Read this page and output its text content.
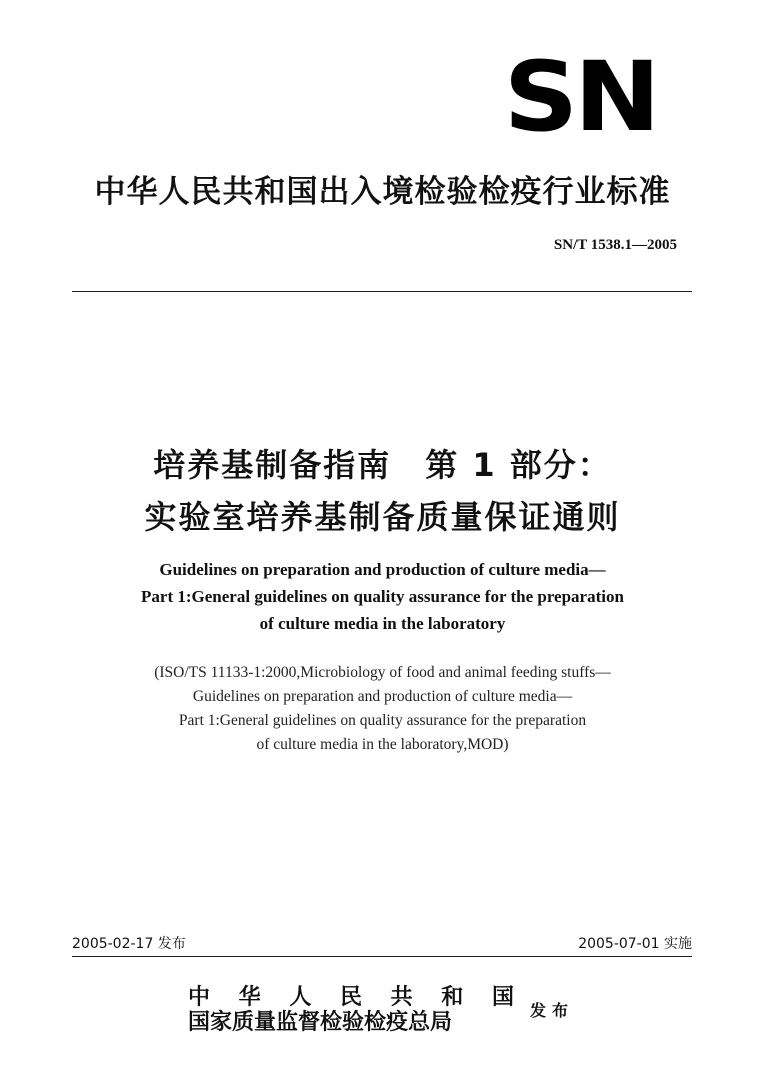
SN
中华人民共和国出入境检验检疫行业标准
SN/T 1538.1—2005
培养基制备指南　第 1 部分：
实验室培养基制备质量保证通则
Guidelines on preparation and production of culture media—
Part 1:General guidelines on quality assurance for the preparation
of culture media in the laboratory
(ISO/TS 11133-1:2000,Microbiology of food and animal feeding stuffs—
Guidelines on preparation and production of culture media—
Part 1:General guidelines on quality assurance for the preparation
of culture media in the laboratory,MOD)
2005-02-17 发布	2005-07-01 实施
中 华 人 民 共 和 国
国家质量监督检验检疫总局	发布
